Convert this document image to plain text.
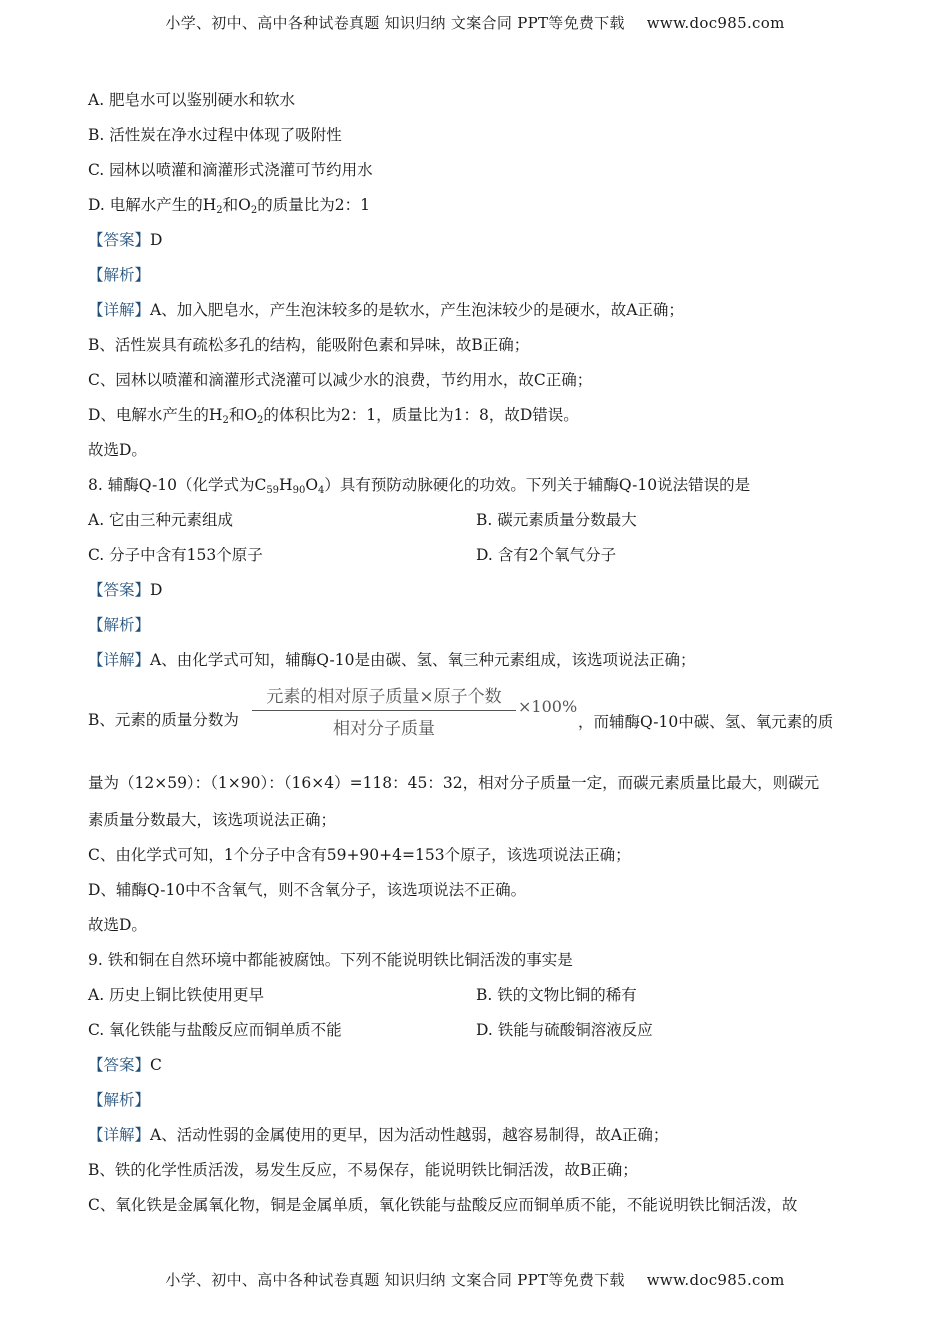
小学、初中、高中各种试卷真题 知识归纳 文案合同 PPT等免费下载 www.doc985.com
A. 肥皂水可以鉴别硬水和软水
B. 活性炭在净水过程中体现了吸附性
C. 园林以喷灌和滴灌形式浇灌可节约用水
D. 电解水产生的$H_2$和$O_2$的质量比为2：1
【答案】D
【解析】
【详解】A、加入肥皂水，产生泡沫较多的是软水，产生泡沫较少的是硬水，故A正确；
B、活性炭具有疏松多孔的结构，能吸附色素和异味，故B正确；
C、园林以喷灌和滴灌形式浇灌可以减少水的浪费，节约用水，故C正确；
D、电解水产生的$H_2$和$O_2$的体积比为2：1，质量比为1：8，故D错误。
故选D。
8. 辅酶Q-10（化学式为$C_{59}H_{90}O_4$）具有预防动脉硬化的功效。下列关于辅酶Q-10说法错误的是
A. 它由三种元素组成	B. 碳元素质量分数最大
C. 分子中含有153个原子	D. 含有2个氧气分子
【答案】D
【解析】
【详解】A、由化学式可知，辅酶Q-10是由碳、氢、氧三种元素组成，该选项说法正确；
B、元素的质量分数为
元素的相对原子质量×原子个数
相对分子质量
×100%
，而辅酶Q-10中碳、氢、氧元素的质
量为（12×59）：（1×90）：（16×4）=118：45：32，相对分子质量一定，而碳元素质量比最大，则碳元
素质量分数最大，该选项说法正确；
C、由化学式可知，1个分子中含有59+90+4=153个原子，该选项说法正确；
D、辅酶Q-10中不含氧气，则不含氧分子，该选项说法不正确。
故选D。
9. 铁和铜在自然环境中都能被腐蚀。下列不能说明铁比铜活泼的事实是
A. 历史上铜比铁使用更早	B. 铁的文物比铜的稀有
C. 氧化铁能与盐酸反应而铜单质不能	D. 铁能与硫酸铜溶液反应
【答案】C
【解析】
【详解】A、活动性弱的金属使用的更早，因为活动性越弱，越容易制得，故A正确；
B、铁的化学性质活泼，易发生反应，不易保存，能说明铁比铜活泼，故B正确；
C、氧化铁是金属氧化物，铜是金属单质，氧化铁能与盐酸反应而铜单质不能，不能说明铁比铜活泼，故
小学、初中、高中各种试卷真题 知识归纳 文案合同 PPT等免费下载 www.doc985.com
